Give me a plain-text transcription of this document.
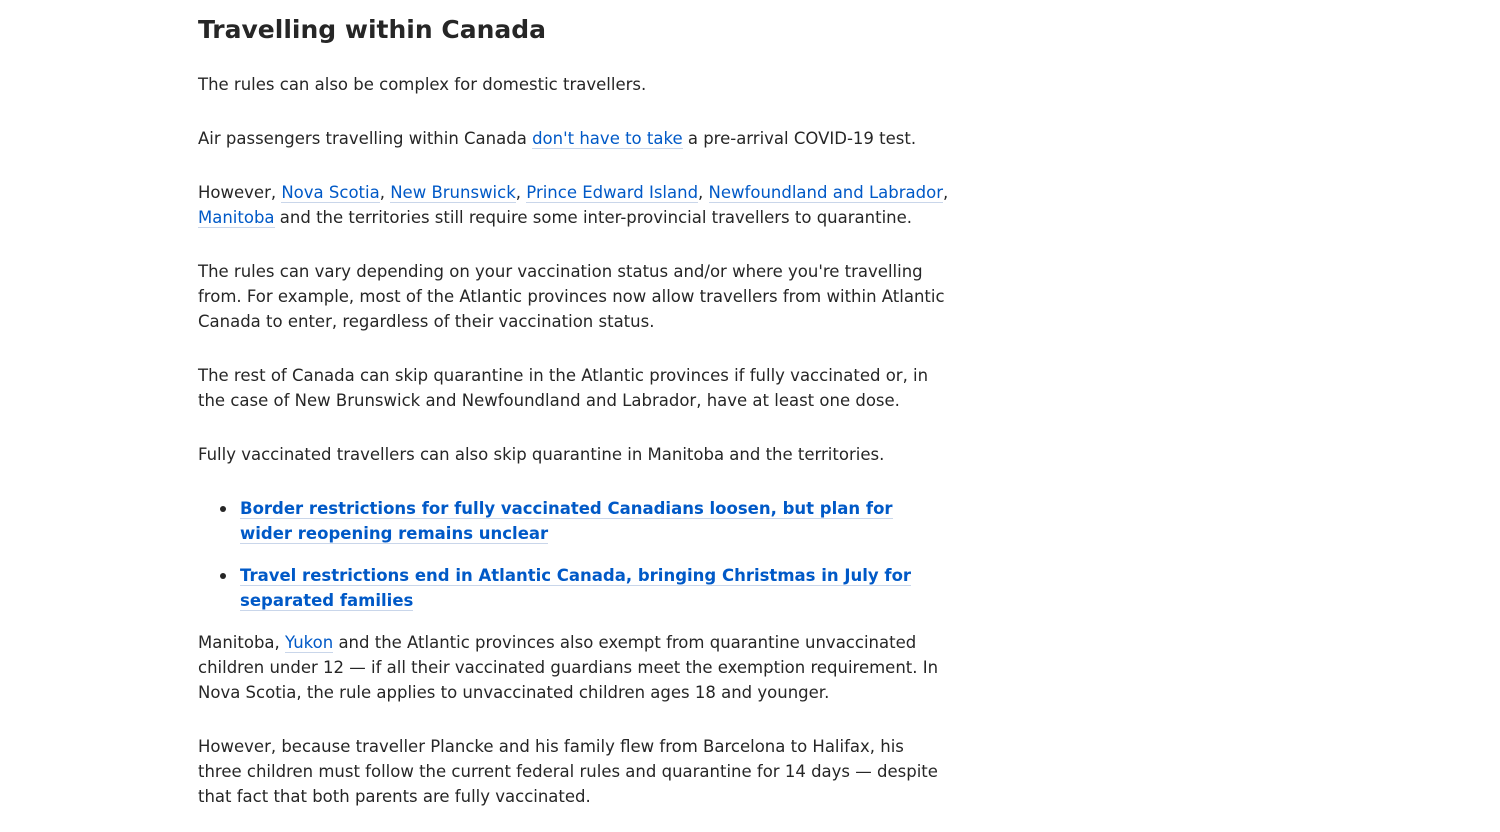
Travelling within Canada

The rules can also be complex for domestic travellers.

Air passengers travelling within Canada don't have to take a pre-arrival COVID-19 test.

However, Nova Scotia, New Brunswick, Prince Edward Island, Newfoundland and Labrador, Manitoba and the territories still require some inter-provincial travellers to quarantine.

The rules can vary depending on your vaccination status and/or where you're travelling from. For example, most of the Atlantic provinces now allow travellers from within Atlantic Canada to enter, regardless of their vaccination status.

The rest of Canada can skip quarantine in the Atlantic provinces if fully vaccinated or, in the case of New Brunswick and Newfoundland and Labrador, have at least one dose.

Fully vaccinated travellers can also skip quarantine in Manitoba and the territories.

Border restrictions for fully vaccinated Canadians loosen, but plan for wider reopening remains unclear
Travel restrictions end in Atlantic Canada, bringing Christmas in July for separated families

Manitoba, Yukon and the Atlantic provinces also exempt from quarantine unvaccinated children under 12 — if all their vaccinated guardians meet the exemption requirement. In Nova Scotia, the rule applies to unvaccinated children ages 18 and younger.

However, because traveller Plancke and his family flew from Barcelona to Halifax, his three children must follow the current federal rules and quarantine for 14 days — despite that fact that both parents are fully vaccinated.
